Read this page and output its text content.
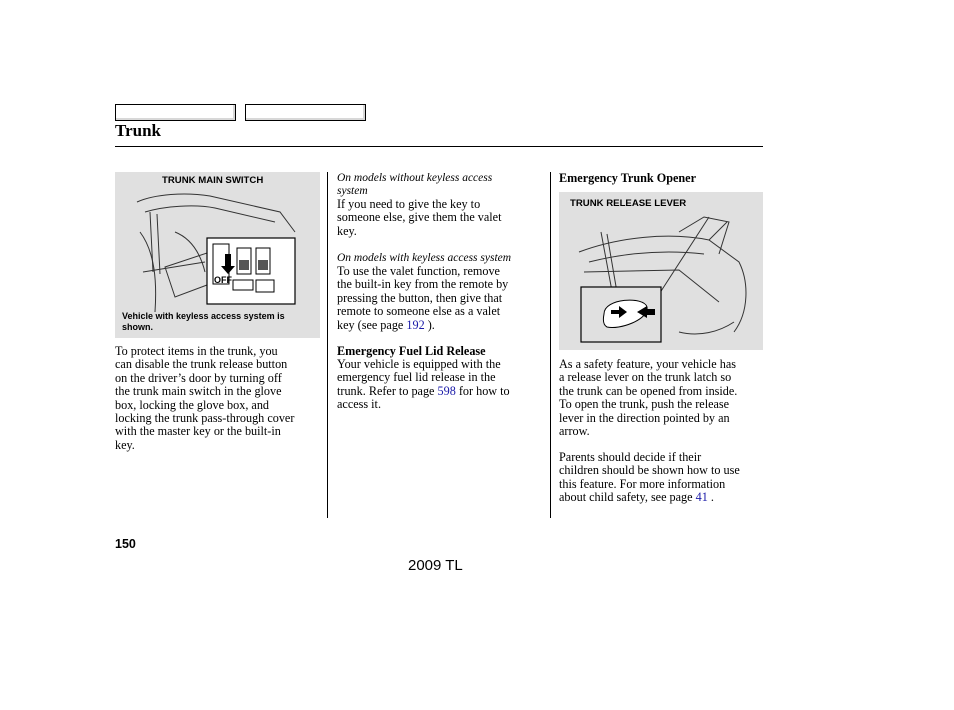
Trunk
TRUNK MAIN SWITCH
OFF
Vehicle with keyless access system is
shown.
To protect items in the trunk, you
can disable the trunk release button
on the driver’s door by turning off
the trunk main switch in the glove
box, locking the glove box, and
locking the trunk pass-through cover
with the master key or the built-in
key.
On models without keyless access
system
If you need to give the key to
someone else, give them the valet
key.
On models with keyless access system
To use the valet function, remove
the built-in key from the remote by
pressing the button, then give that
remote to someone else as a valet
key (see page 192 ).
Emergency Fuel Lid Release
Your vehicle is equipped with the
emergency fuel lid release in the
trunk. Refer to page 598 for how to
access it.
Emergency Trunk Opener
TRUNK RELEASE LEVER
As a safety feature, your vehicle has
a release lever on the trunk latch so
the trunk can be opened from inside.
To open the trunk, push the release
lever in the direction pointed by an
arrow.
Parents should decide if their
children should be shown how to use
this feature. For more information
about child safety, see page 41 .
150
2009 TL
